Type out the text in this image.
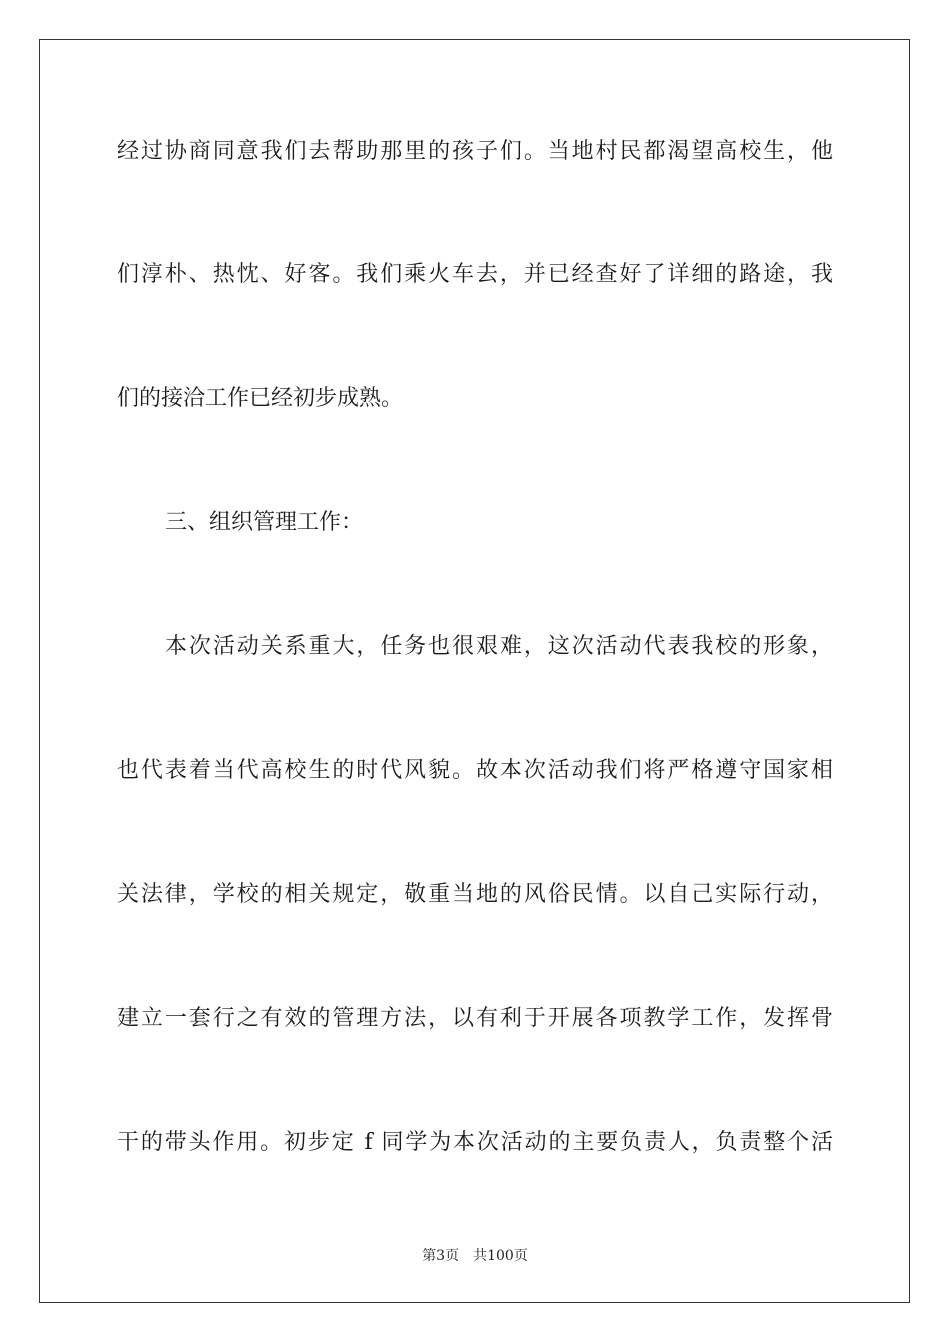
经过协商同意我们去帮助那里的孩子们。当地村民都渴望高校生，他
们淳朴、热忱、好客。我们乘火车去，并已经查好了详细的路途，我
们的接洽工作已经初步成熟。
三、组织管理工作：
本次活动关系重大，任务也很艰难，这次活动代表我校的形象，
也代表着当代高校生的时代风貌。故本次活动我们将严格遵守国家相
关法律，学校的相关规定，敬重当地的风俗民情。以自己实际行动，
建立一套行之有效的管理方法，以有利于开展各项教学工作，发挥骨
干的带头作用。初步定 f 同学为本次活动的主要负责人，负责整个活
第3页 共100页
